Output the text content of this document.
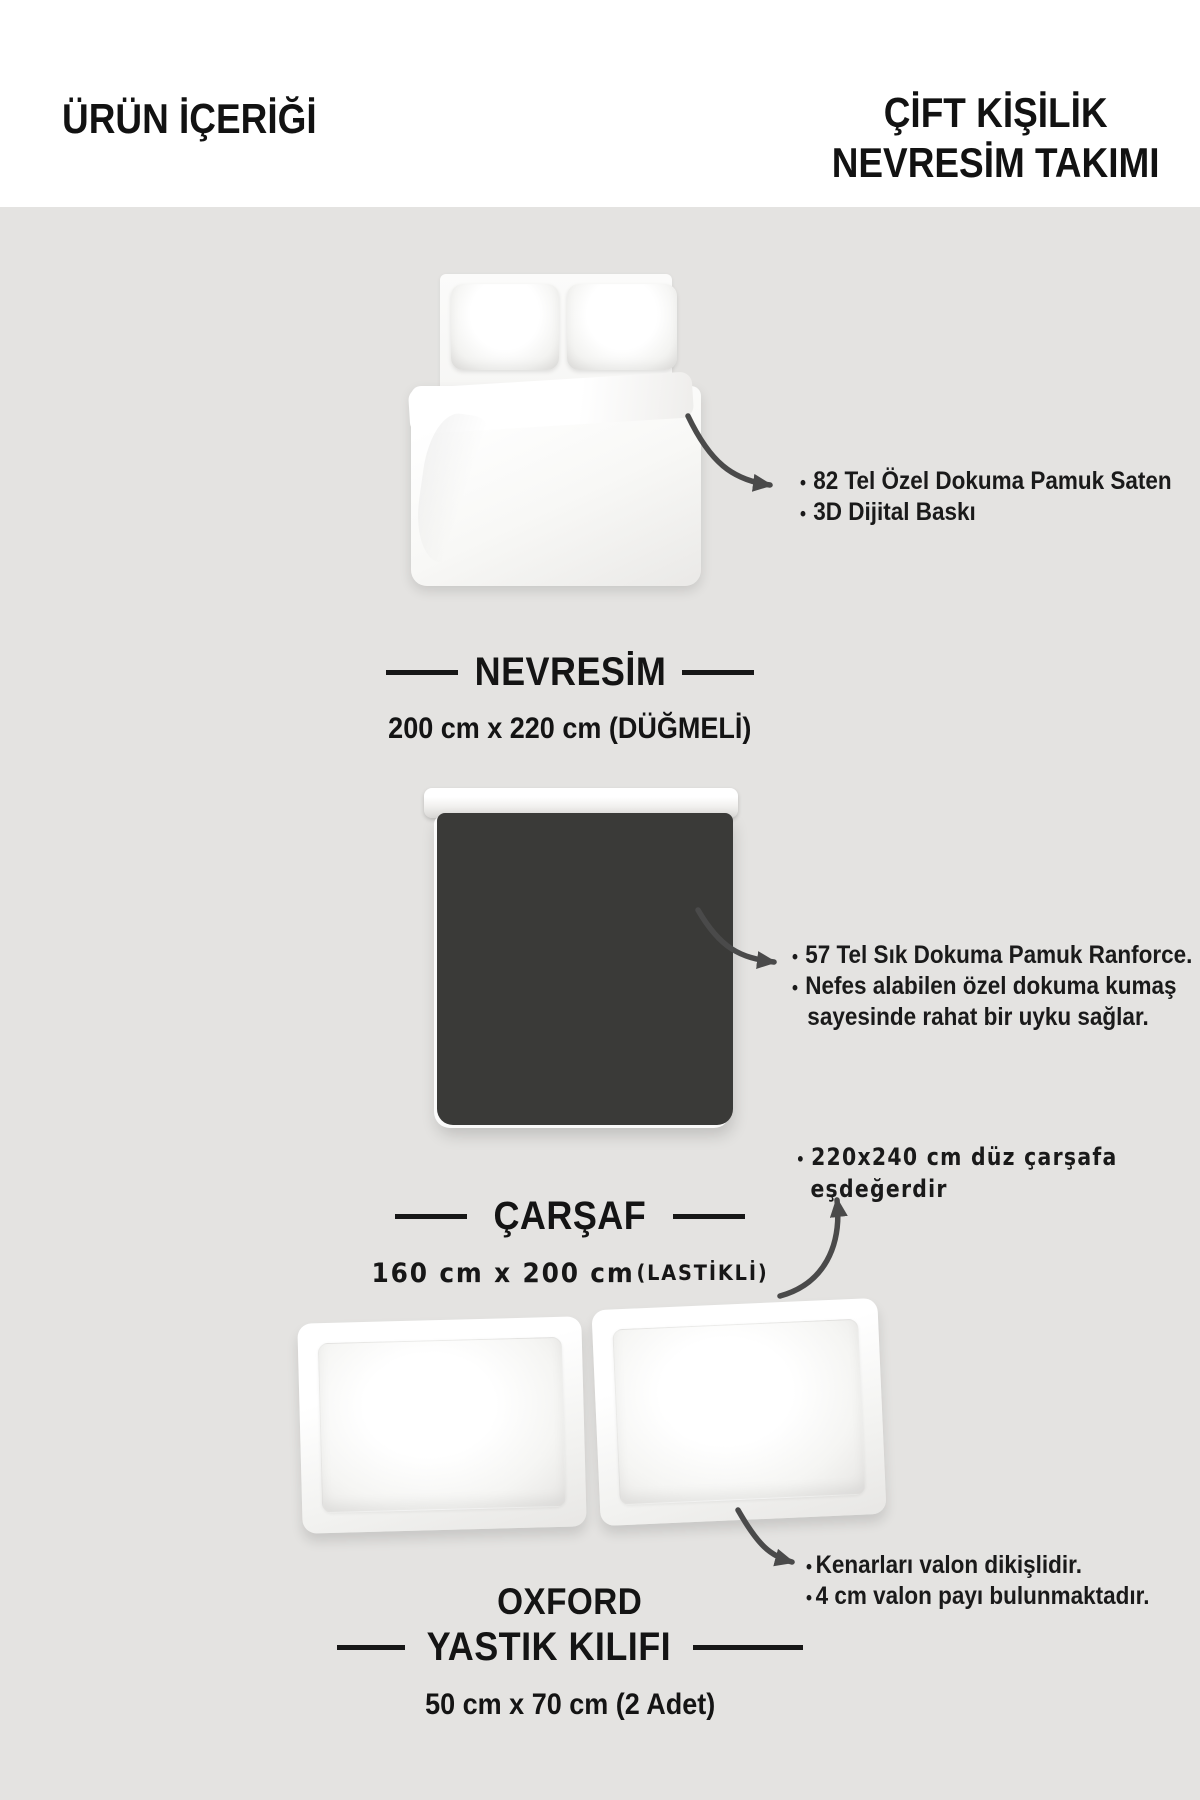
ÜRÜN İÇERİĞİ	ÇİFT KİŞİLİK
NEVRESİM TAKIMI
• 82 Tel Özel Dokuma Pamuk Saten
• 3D Dijital Baskı
NEVRESİM
200 cm x 220 cm (DÜĞMELİ)
• 57 Tel Sık Dokuma Pamuk Ranforce.
• Nefes alabilen özel dokuma kumaş
sayesinde rahat bir uyku sağlar.
• 220x240 cm düz çarşafa
eşdeğerdir
ÇARŞAF
160 cm x 200 cm (LASTİKLİ)
• Kenarları valon dikişlidir.
• 4 cm valon payı bulunmaktadır.
OXFORD
YASTIK KILIFI
50 cm x 70 cm (2 Adet)
